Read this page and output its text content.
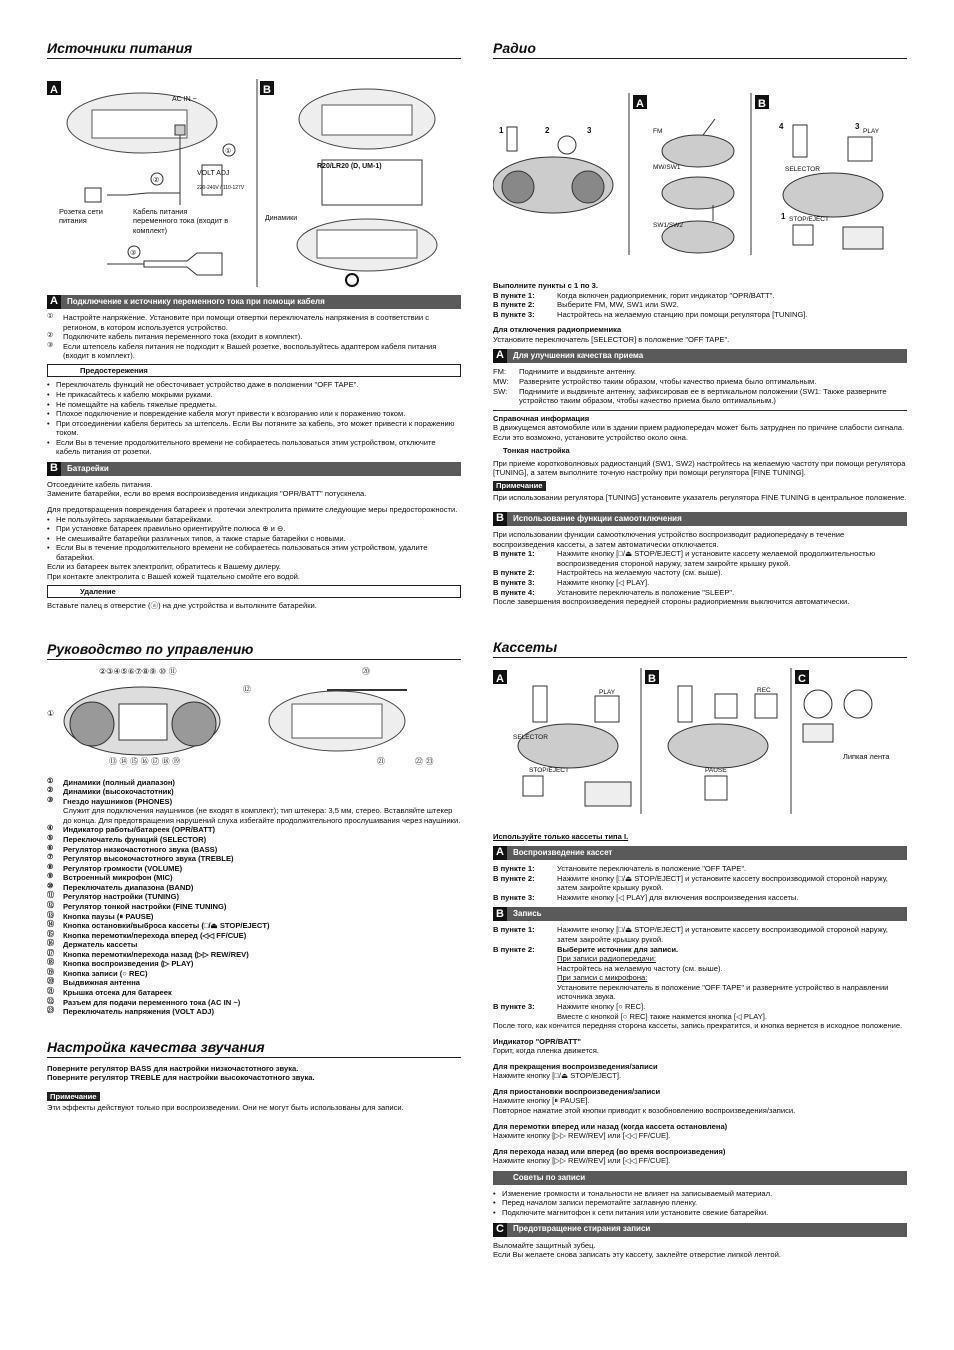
Источники питания
A	B
AC IN ~
VOLT ADJ
220-240V / 110-127V
①
②
③
R20/LR20 (D, UM-1)
Динамики
Розетка сети питания
Кабель питания переменного тока (входит в комплект)
A	Подключение к источнику переменного тока при помощи кабеля
① Настройте напряжение. Установите при помощи отвертки переключатель напряжения в соответствии с регионом, в котором используется устройство.
② Подключите кабель питания переменного тока (входит в комплект).
③ Если штепсель кабеля питания не подходит к Вашей розетке, воспользуйтесь адаптером кабеля питания (входит в комплект).
Предостережения
• Переключатель функций не обесточивает устройство даже в положении "OFF TAPE".
• Не прикасайтесь к кабелю мокрыми руками.
• Не помещайте на кабель тяжелые предметы.
• Плохое подключение и повреждение кабеля могут привести к возгоранию или к поражению током.
• При отсоединении кабеля беритесь за штепсель. Если Вы потяните за кабель, это может привести к поражению током.
• Если Вы в течение продолжительного времени не собираетесь пользоваться этим устройством, отключите кабель питания от розетки.
B	Батарейки

Отсоедините кабель питания.

Замените батарейки, если во время воспроизведения индикация "OPR/BATT" потускнела.

Для предотвращения повреждения батареек и протечки электролита примите следующие меры предосторожности.

• Не пользуйтесь заряжаемыми батарейками.
• При установке батареек правильно ориентируйте полюса ⊕ и ⊖.
• Не смешивайте батарейки различных типов, а также старые батарейки с новыми.
• Если Вы в течение продолжительного времени не собираетесь пользоваться этим устройством, удалите батарейки.

Если из батареек вытек электролит, обратитесь к Вашему дилеру.

При контакте электролита с Вашей кожей тщательно смойте его водой.

Удаление

Вставьте палец в отверстие (ⓐ) на дне устройства и вытолкните батарейки.

Руководство по управлению
②③④⑤⑥⑦⑧⑨ ⑩ ⑪
⑫
①
⑬ ⑭ ⑮ ⑯ ⑰ ⑱ ⑲
⑳
㉑	㉒ ㉓
① Динамики (полный диапазон)
② Динамики (высокочастотник)
③ Гнездо наушников (PHONES)
Служит для подключения наушников (не входят в комплект); тип штекера: 3,5 мм, стерео. Вставляйте штекер до конца. Для предотвращения нарушений слуха избегайте продолжительного прослушивания через наушники.
④ Индикатор работы/батареек (OPR/BATT)
⑤ Переключатель функций (SELECTOR)
⑥ Регулятор низкочастотного звука (BASS)
⑦ Регулятор высокочастотного звука (TREBLE)
⑧ Регулятор громкости (VOLUME)
⑨ Встроенный микрофон (MIC)
⑩ Переключатель диапазона (BAND)
⑪ Регулятор настройки (TUNING)
⑫ Регулятор тонкой настройки (FINE TUNING)
⑬ Кнопка паузы (⏸ PAUSE)
⑭ Кнопка остановки/выброса кассеты (□/⏏ STOP/EJECT)
⑮ Кнопка перемотки/перехода вперед (◁◁ FF/CUE)
⑯ Держатель кассеты
⑰ Кнопка перемотки/перехода назад (▷▷ REW/REV)
⑱ Кнопка воспроизведения (▷ PLAY)
⑲ Кнопка записи (○ REC)
⑳ Выдвижная антенна
㉑ Крышка отсека для батареек
㉒ Разъем для подачи переменного тока (AC IN ~)
㉓ Переключатель напряжения (VOLT ADJ)
Настройка качества звучания

Поверните регулятор BASS для настройки низкочастотного звука.

Поверните регулятор TREBLE для настройки высокочастотного звука.

Примечание

Эти эффекты действуют только при воспроизведении. Они не могут быть использованы для записи.

Радио
A	B
FM
MW/SW1
SW1/SW2
PLAY
SELECTOR
STOP/EJECT
1	2	3	4	3
1

Выполните пункты с 1 по 3.

В пункте 1:	Когда включен радиоприемник, горит индикатор "OPR/BATT".
В пункте 2:	Выберите FM, MW, SW1 или SW2.
В пункте 3:	Настройтесь на желаемую станцию при помощи регулятора [TUNING].

Для отключения радиоприемника

Установите переключатель [SELECTOR] в положение "OFF TAPE".

A	Для улучшения качества приема
FM:	Поднимите и выдвиньте антенну.
MW:	Разверните устройство таким образом, чтобы качество приема было оптимальным.
SW:	Поднимите и выдвиньте антенну, зафиксировав ее в вертикальном положении (SW1: Также разверните устройство таким образом, чтобы качество приема было оптимальным.)

Справочная информация

В движущемся автомобиле или в здании прием радиопередач может быть затруднен по причине слабости сигнала. Если это возможно, установите устройство около окна.

Тонкая настройка

При приеме коротковолновых радиостанций (SW1, SW2) настройтесь на желаемую частоту при помощи регулятора [TUNING], а затем выполните точную настройку при помощи регулятора [FINE TUNING].

Примечание

При использовании регулятора [TUNING] установите указатель регулятора FINE TUNING в центральное положение.

B	Использование функции самоотключения

При использовании функции самоотключения устройство воспроизводит радиопередачу в течение воспроизведения кассеты, а затем автоматически отключается.

В пункте 1:	Нажмите кнопку [□/⏏ STOP/EJECT] и установите кассету желаемой продолжительностью воспроизведения стороной наружу, затем закройте крышку рукой.
В пункте 2:	Настройтесь на желаемую частоту (см. выше).
В пункте 3:	Нажмите кнопку [◁ PLAY].
В пункте 4:	Установите переключатель в положение "SLEEP".

После завершения воспроизведения передней стороны радиоприемник выключится автоматически.

Кассеты
A	B	C
SELECTOR
STOP/EJECT
PLAY
PAUSE
REC
Липкая лента

Используйте только кассеты типа I.

A	Воспроизведение кассет
В пункте 1:	Установите переключатель в положение "OFF TAPE".
В пункте 2:	Нажмите кнопку [□/⏏ STOP/EJECT] и установите кассету воспроизводимой стороной наружу, затем закройте крышку рукой.
В пункте 3:	Нажмите кнопку [◁ PLAY] для включения воспроизведения кассеты.
B	Запись
В пункте 1:	Нажмите кнопку [□/⏏ STOP/EJECT] и установите кассету воспроизводимой стороной наружу, затем закройте крышку рукой.
В пункте 2:	Выберите источник для записи.
При записи радиопередачи:
Настройтесь на желаемую частоту (см. выше).
При записи с микрофона:
Установите переключатель в положение "OFF TAPE" и разверните устройство в направлении источника звука.
В пункте 3:	Нажмите кнопку [○ REC].
Вместе с кнопкой [○ REC] также нажмется кнопка [◁ PLAY].

После того, как кончится передняя сторона кассеты, запись прекратится, и кнопка вернется в исходное положение.

Индикатор "OPR/BATT"

Горит, когда пленка движется.

Для прекращения воспроизведения/записи

Нажмите кнопку [□/⏏ STOP/EJECT].

Для приостановки воспроизведения/записи

Нажмите кнопку [⏸ PAUSE].

Повторное нажатие этой кнопки приводит к возобновлению воспроизведения/записи.

Для перемотки вперед или назад (когда кассета остановлена)

Нажмите кнопку [▷▷ REW/REV] или [◁◁ FF/CUE].

Для перехода назад или вперед (во время воспроизведения)

Нажмите кнопку [▷▷ REW/REV] или [◁◁ FF/CUE].

Советы по записи
• Изменение громкости и тональности не влияет на записываемый материал.
• Перед началом записи перемотайте заглавную пленку.
• Подключите магнитофон к сети питания или установите свежие батарейки.
C	Предотвращение стирания записи

Выломайте защитный зубец.

Если Вы желаете снова записать эту кассету, заклейте отверстие липкой лентой.
